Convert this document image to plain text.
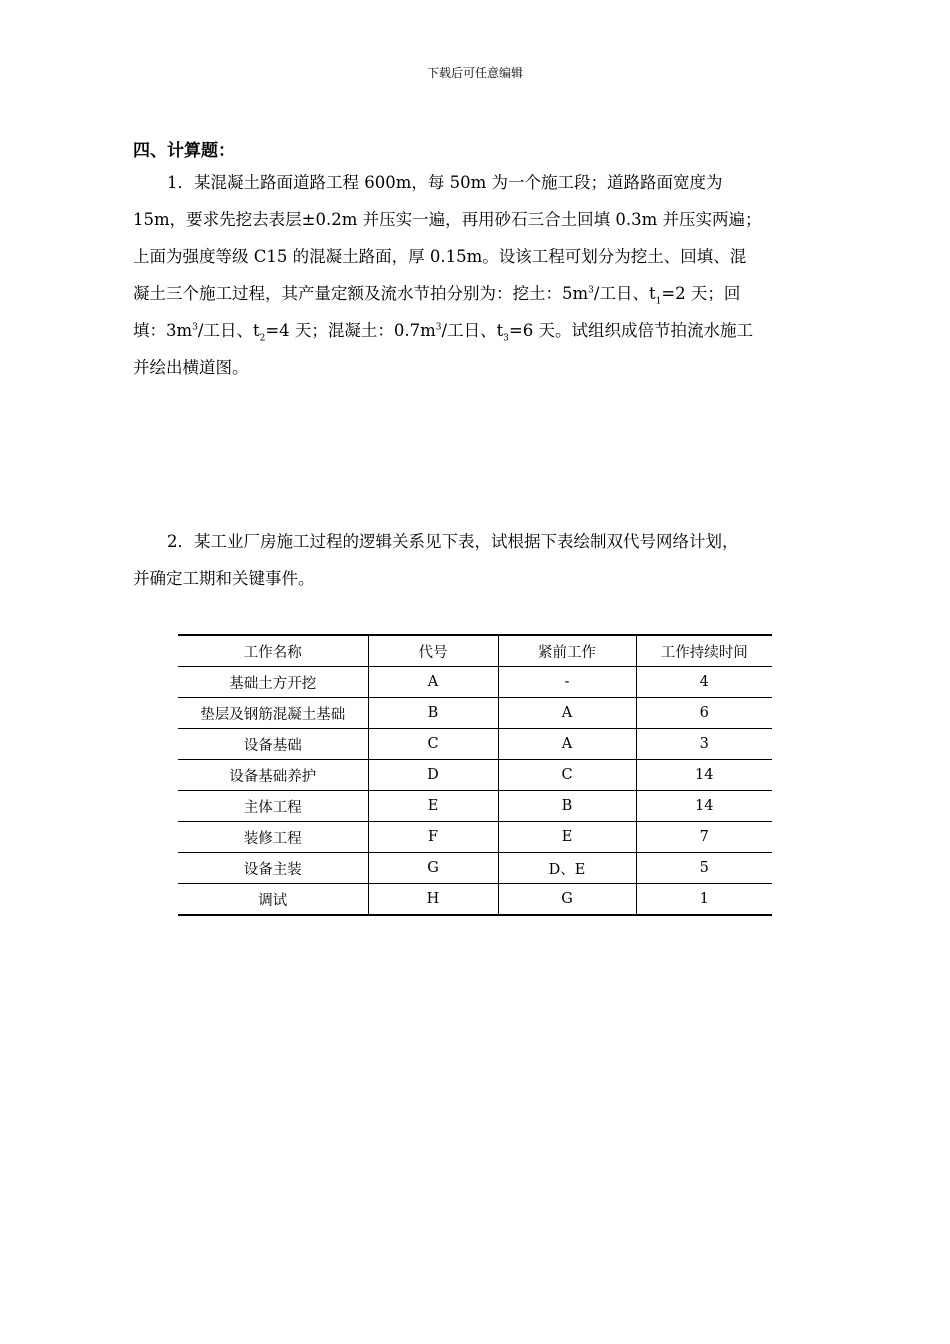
下载后可任意编辑
四、计算题：
1．某混凝土路面道路工程 600m，每 50m 为一个施工段；道路路面宽度为
15m，要求先挖去表层±0.2m 并压实一遍，再用砂石三合土回填 0.3m 并压实两遍；
上面为强度等级 C15 的混凝土路面，厚 0.15m。设该工程可划分为挖土、回填、混
凝土三个施工过程，其产量定额及流水节拍分别为：挖土：$5m^3/$工日、$t_1=2$ 天；回
填：$3m^3/$工日、$t_2=4$ 天；混凝土：$0.7m^3/$工日、$t_3=6$ 天。试组织成倍节拍流水施工
并绘出横道图。
2．某工业厂房施工过程的逻辑关系见下表，试根据下表绘制双代号网络计划，
并确定工期和关键事件。
工作名称	代号	紧前工作	工作持续时间
基础土方开挖	A	-	4
垫层及钢筋混凝土基础	B	A	6
设备基础	C	A	3
设备基础养护	D	C	14
主体工程	E	B	14
装修工程	F	E	7
设备主装	G	D、E	5
调试	H	G	1
